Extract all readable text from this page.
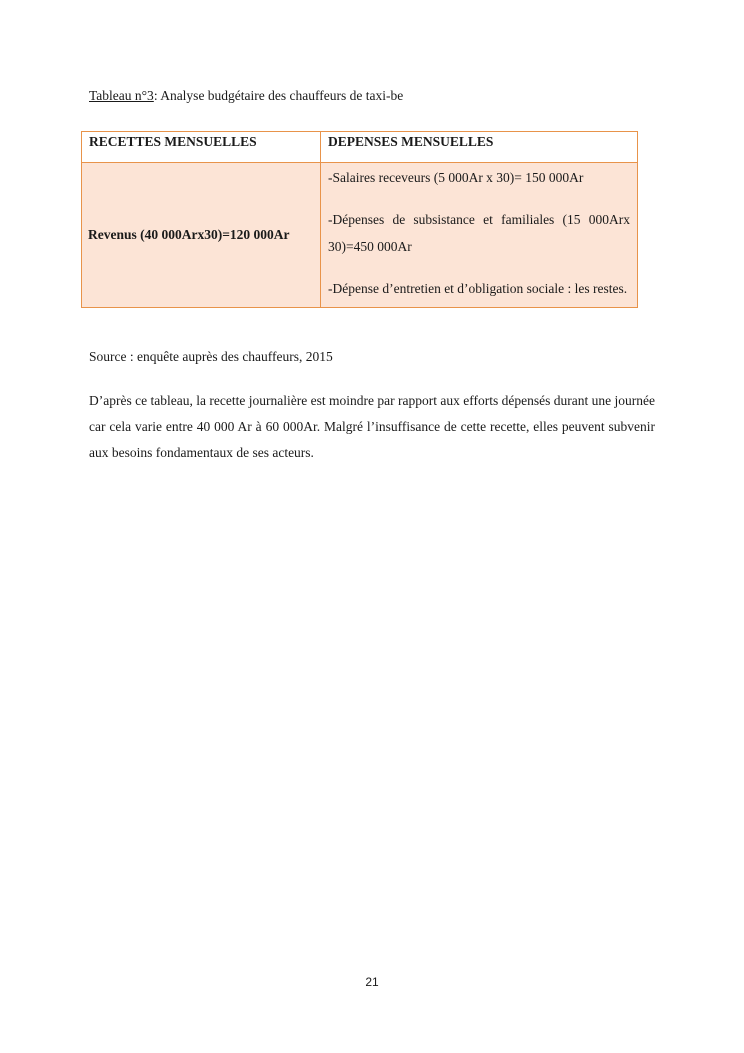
Tableau n°3: Analyse budgétaire des chauffeurs de taxi-be
RECETTES MENSUELLES	DEPENSES MENSUELLES
Revenus (40 000Arx30)=120 000Ar	-Salaires receveurs (5 000Ar x 30)= 150 000Ar

-Dépenses de subsistance et familiales (15 000Arx 30)=450 000Ar

-Dépense d’entretien et d’obligation sociale : les restes.

Source : enquête auprès des chauffeurs, 2015

D’après ce tableau, la recette journalière est moindre par rapport aux efforts dépensés durant une journée car cela varie entre 40 000 Ar à 60 000Ar. Malgré l’insuffisance de cette recette, elles peuvent subvenir aux besoins fondamentaux de ses acteurs.

21
